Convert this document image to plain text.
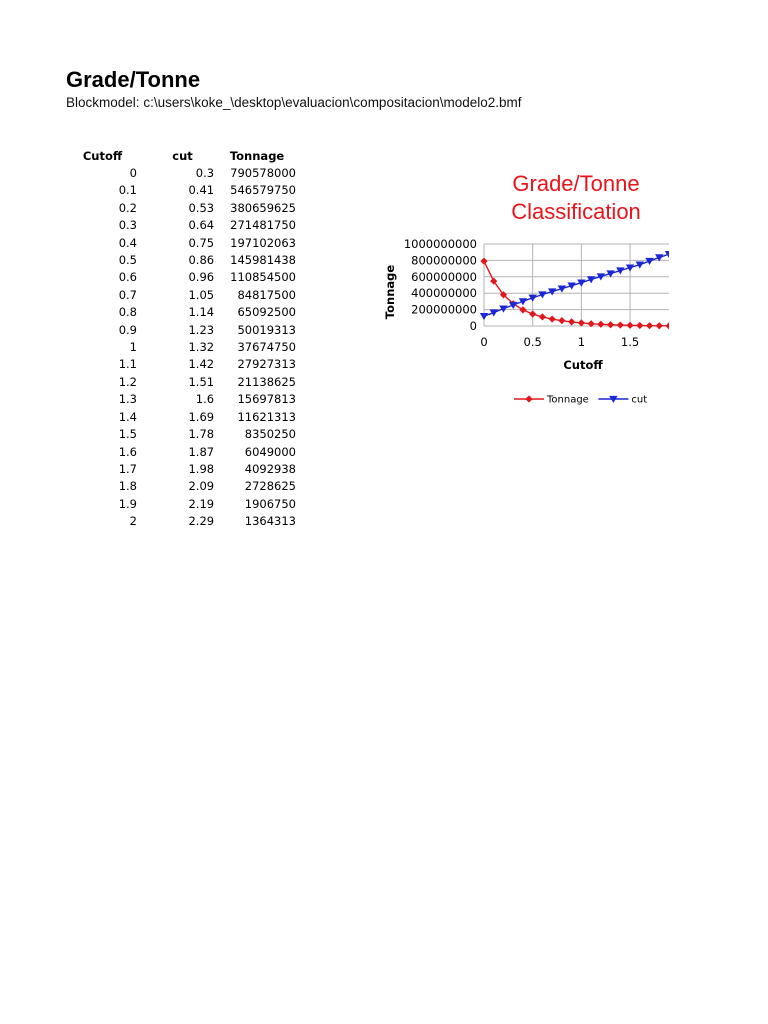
Grade/Tonne
Blockmodel: c:\users\koke_\desktop\evaluacion\compositacion\modelo2.bmf
Cutoff	cut	Tonnage
0	0.3	790578000
0.1	0.41	546579750
0.2	0.53	380659625
0.3	0.64	271481750
0.4	0.75	197102063
0.5	0.86	145981438
0.6	0.96	110854500
0.7	1.05	84817500
0.8	1.14	65092500
0.9	1.23	50019313
1	1.32	37674750
1.1	1.42	27927313
1.2	1.51	21138625
1.3	1.6	15697813
1.4	1.69	11621313
1.5	1.78	8350250
1.6	1.87	6049000
1.7	1.98	4092938
1.8	2.09	2728625
1.9	2.19	1906750
2	2.29	1364313
Grade/Tonne
Classification
0
200000000
400000000
600000000
800000000
1000000000
0	0.5	1	1.5
Cutoff
Tonnage
Tonnage	cut
